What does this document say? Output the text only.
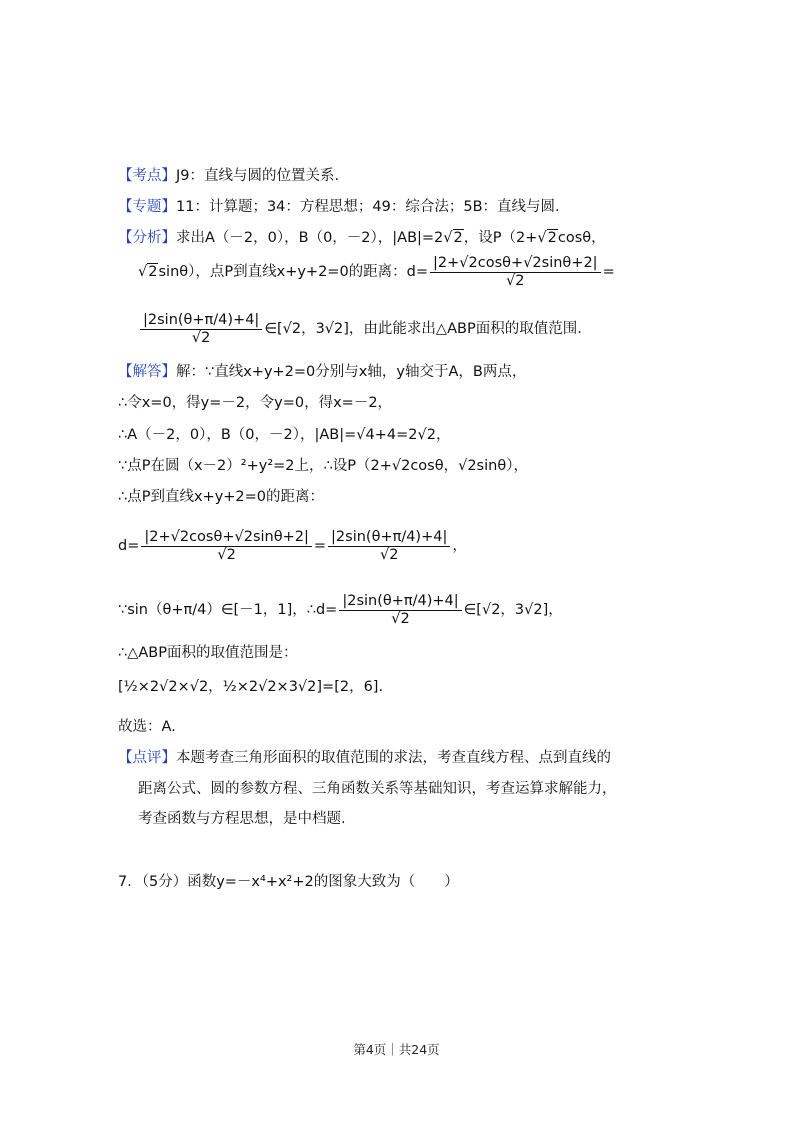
【考点】J9：直线与圆的位置关系.
【专题】11：计算题；34：方程思想；49：综合法；5B：直线与圆.
【分析】求出A（－2，0），B（0，－2），|AB|=2√2，设P（2+√2cosθ，
√2sinθ），点P到直线x+y+2=0的距离：$d= \frac{|2+√2\cos\theta+√2\sin\theta+2|}{√2}$ =
$\frac{|2\sin(\theta+\pi/4)+4|}{√2}$ ∈[√2，3√2]，由此能求出△ABP面积的取值范围.
【解答】解：∵直线x+y+2=0分别与x轴，y轴交于A，B两点，
∴令x=0，得y=－2，令y=0，得x=－2，
∴A（－2，0），B（0，－2），|AB|=√4+4=2√2，
∵点P在圆（x－2）²+y²=2上，∴设P（2+√2cosθ，√2sinθ），
∴点P到直线x+y+2=0的距离：
$d= \frac{|2+√2\cos\theta+√2\sin\theta+2|}{√2} = \frac{|2\sin(\theta+\pi/4)+4|}{√2}$ ，
∵sin（θ+π/4）∈[－1，1]，∴d= $\frac{|2\sin(\theta+\pi/4)+4|}{√2}$ ∈[√2，3√2]，
∴△ABP面积的取值范围是：
[½×2√2×√2，½×2√2×3√2]=[2，6].
故选：A.
【点评】本题考查三角形面积的取值范围的求法，考查直线方程、点到直线的
距离公式、圆的参数方程、三角函数关系等基础知识，考查运算求解能力，
考查函数与方程思想，是中档题.
7．（5分）函数y=－x⁴+x²+2的图象大致为（　　）
第4页｜共24页
